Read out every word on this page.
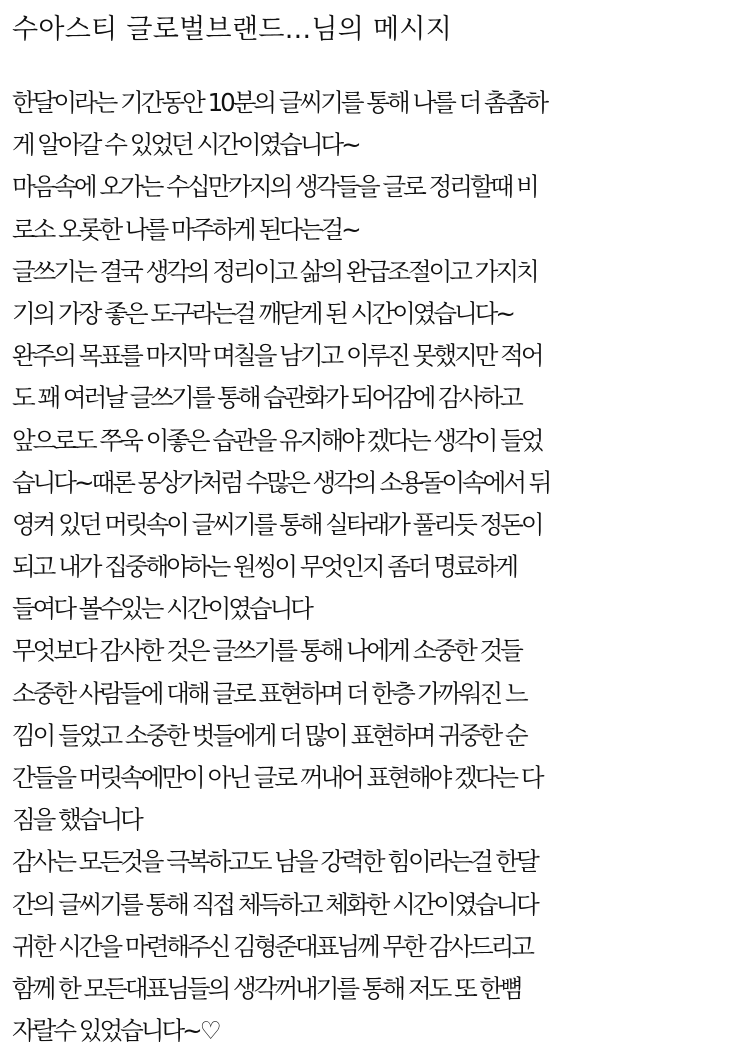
수아스티 글로벌브랜드...님의 메시지
한달이라는 기간동안 10분의 글씨기를 통해 나를 더 촘촘하
게 알아갈 수 있었던 시간이였습니다~
마음속에 오가는 수십만가지의 생각들을 글로 정리할때 비
로소 오롯한 나를 마주하게 된다는걸~
글쓰기는 결국 생각의 정리이고 삶의 완급조절이고 가지치
기의 가장 좋은 도구라는걸 깨닫게 된 시간이였습니다~
완주의 목표를 마지막 며칠을 남기고 이루진 못했지만 적어
도 꽤 여러날 글쓰기를 통해 습관화가 되어감에 감사하고
앞으로도 쭈욱 이좋은 습관을 유지해야 겠다는 생각이 들었
습니다~때론 몽상가처럼 수많은 생각의 소용돌이속에서 뒤
영켜 있던 머릿속이 글씨기를 통해 실타래가 풀리듯 정돈이
되고 내가 집중해야하는 원씽이 무엇인지 좀더 명료하게
들여다 볼수있는 시간이였습니다
무엇보다 감사한 것은 글쓰기를 통해 나에게 소중한 것들
소중한 사람들에 대해 글로 표현하며 더 한층 가까워진 느
낌이 들었고 소중한 벗들에게 더 많이 표현하며 귀중한 순
간들을 머릿속에만이 아닌 글로 꺼내어 표현해야 겠다는 다
짐을 했습니다
감사는 모든것을 극복하고도 남을 강력한 힘이라는걸 한달
간의 글씨기를 통해 직접 체득하고 체화한 시간이였습니다
귀한 시간을 마련해주신 김형준대표님께 무한 감사드리고
함께 한 모든대표님들의 생각꺼내기를 통해 저도 또 한뼘
자랄수 있었습니다~♡
